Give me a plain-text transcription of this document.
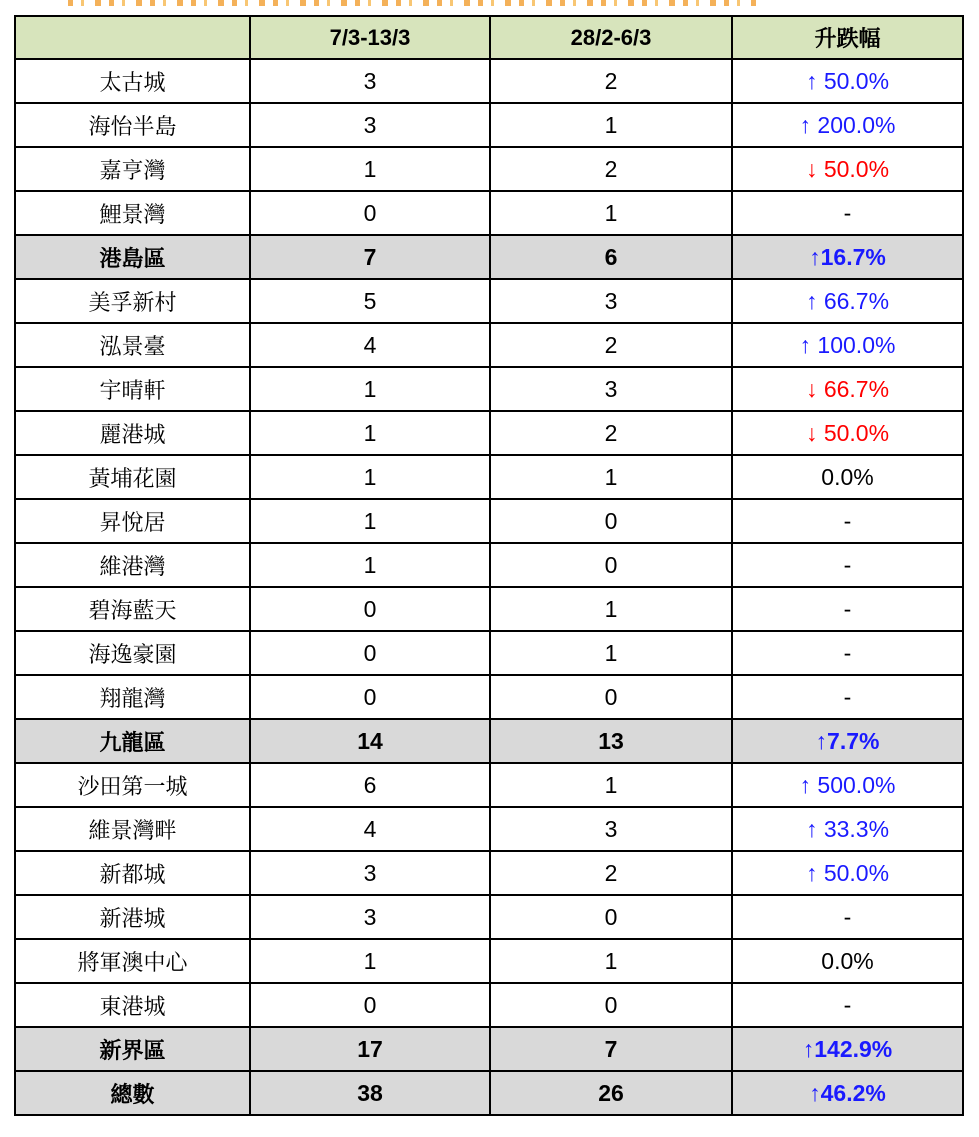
	7/3-13/3	28/2-6/3	升跌幅
太古城	3	2	↑ 50.0%
海怡半島	3	1	↑ 200.0%
嘉亨灣	1	2	↓ 50.0%
鯉景灣	0	1	-
港島區	7	6	↑16.7%
美孚新村	5	3	↑ 66.7%
泓景臺	4	2	↑ 100.0%
宇晴軒	1	3	↓ 66.7%
麗港城	1	2	↓ 50.0%
黃埔花園	1	1	0.0%
昇悅居	1	0	-
維港灣	1	0	-
碧海藍天	0	1	-
海逸豪園	0	1	-
翔龍灣	0	0	-
九龍區	14	13	↑7.7%
沙田第一城	6	1	↑ 500.0%
維景灣畔	4	3	↑ 33.3%
新都城	3	2	↑ 50.0%
新港城	3	0	-
將軍澳中心	1	1	0.0%
東港城	0	0	-
新界區	17	7	↑142.9%
總數	38	26	↑46.2%
